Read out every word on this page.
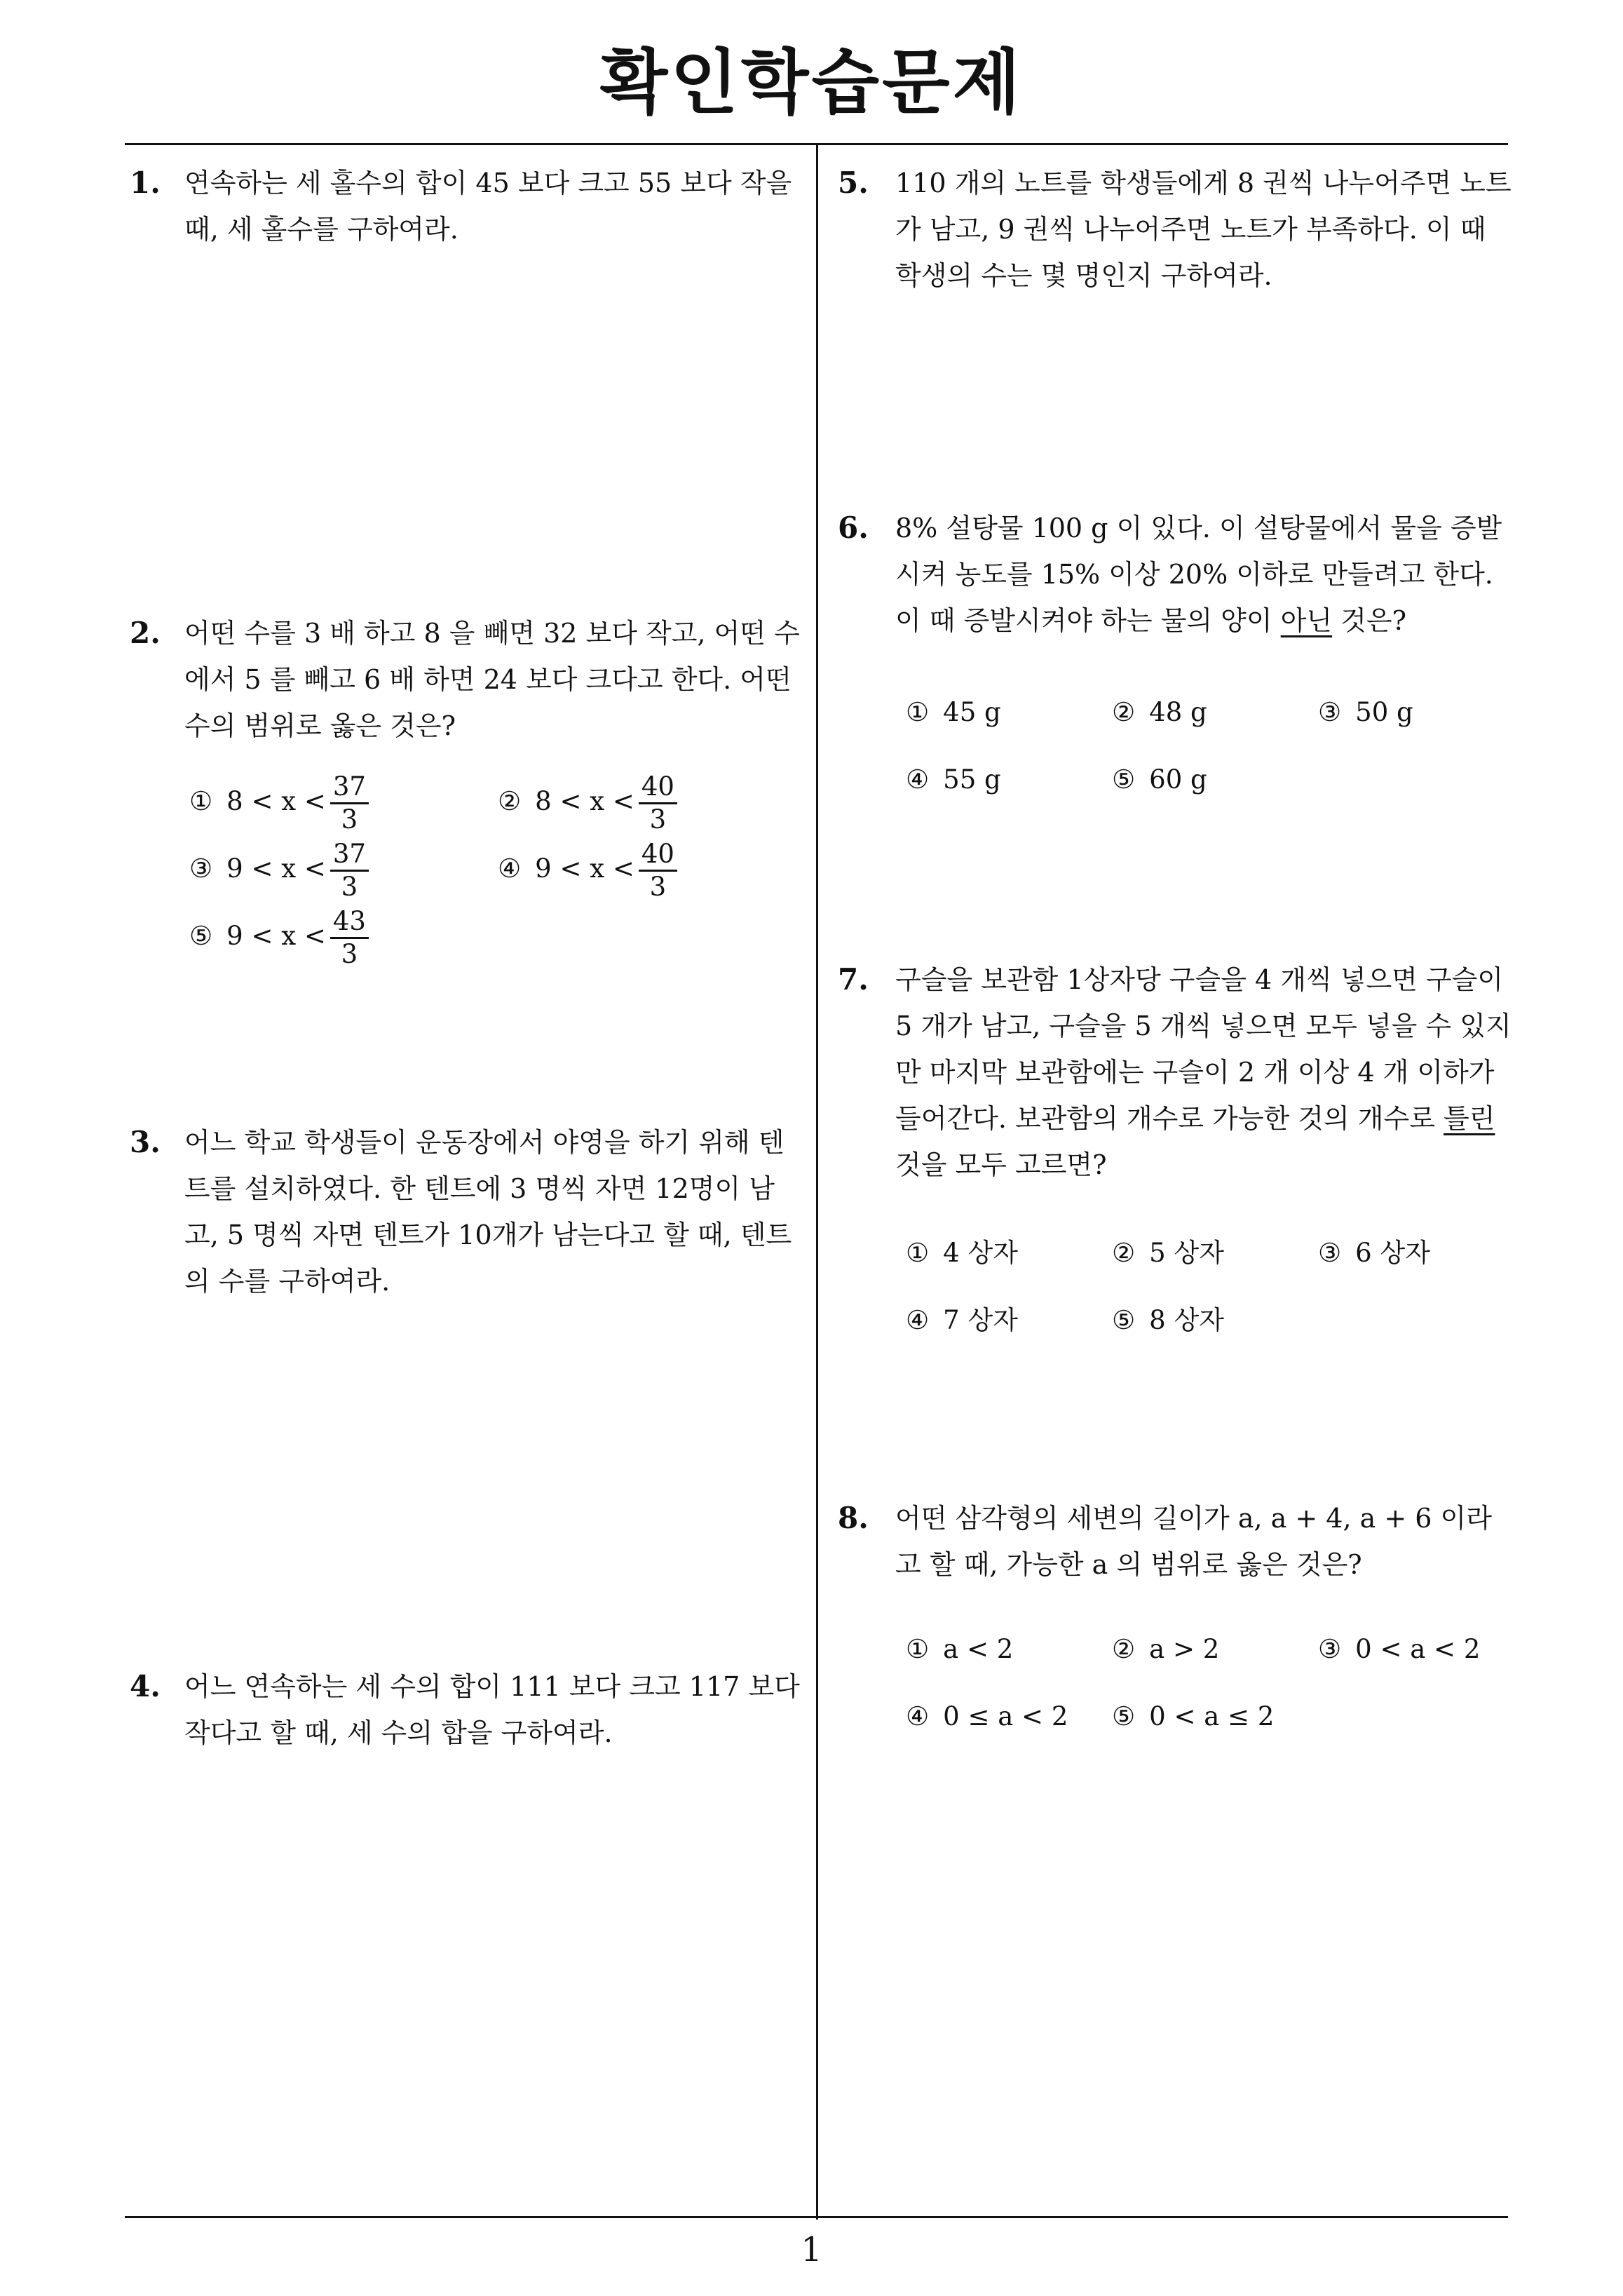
확인학습문제
1
1. 연속하는 세 홀수의 합이 45 보다 크고 55 보다 작을 때, 세 홀수를 구하여라.
2. 어떤 수를 3 배 하고 8 을 빼면 32 보다 작고, 어떤 수에서 5 를 빼고 6 배 하면 24 보다 크다고 한다. 어떤 수의 범위로 옳은 것은?
① $8 < x < \frac{37}{3}$	② $8 < x < \frac{40}{3}$
③ $9 < x < \frac{37}{3}$	④ $9 < x < \frac{40}{3}$
⑤ $9 < x < \frac{43}{3}$
3. 어느 학교 학생들이 운동장에서 야영을 하기 위해 텐트를 설치하였다. 한 텐트에 3 명씩 자면 12명이 남고, 5 명씩 자면 텐트가 10개가 남는다고 할 때, 텐트의 수를 구하여라.
4. 어느 연속하는 세 수의 합이 111 보다 크고 117 보다 작다고 할 때, 세 수의 합을 구하여라.
5. 110 개의 노트를 학생들에게 8 권씩 나누어주면 노트가 남고, 9 권씩 나누어주면 노트가 부족하다. 이 때 학생의 수는 몇 명인지 구하여라.
6. 8% 설탕물 100 g 이 있다. 이 설탕물에서 물을 증발시켜 농도를 15% 이상 20% 이하로 만들려고 한다. 이 때 증발시켜야 하는 물의 양이 아닌 것은?
① 45 g	② 48 g	③ 50 g
④ 55 g	⑤ 60 g
7. 구슬을 보관함 1상자당 구슬을 4 개씩 넣으면 구슬이 5 개가 남고, 구슬을 5 개씩 넣으면 모두 넣을 수 있지만 마지막 보관함에는 구슬이 2 개 이상 4 개 이하가 들어간다. 보관함의 개수로 가능한 것의 개수로 틀린 것을 모두 고르면?
① 4 상자	② 5 상자	③ 6 상자
④ 7 상자	⑤ 8 상자
8. 어떤 삼각형의 세변의 길이가 a, a + 4, a + 6 이라고 할 때, 가능한 a 의 범위로 옳은 것은?
① a < 2	② a > 2	③ 0 < a < 2
④ 0 ≤ a < 2 ⑤ 0 < a ≤ 2
